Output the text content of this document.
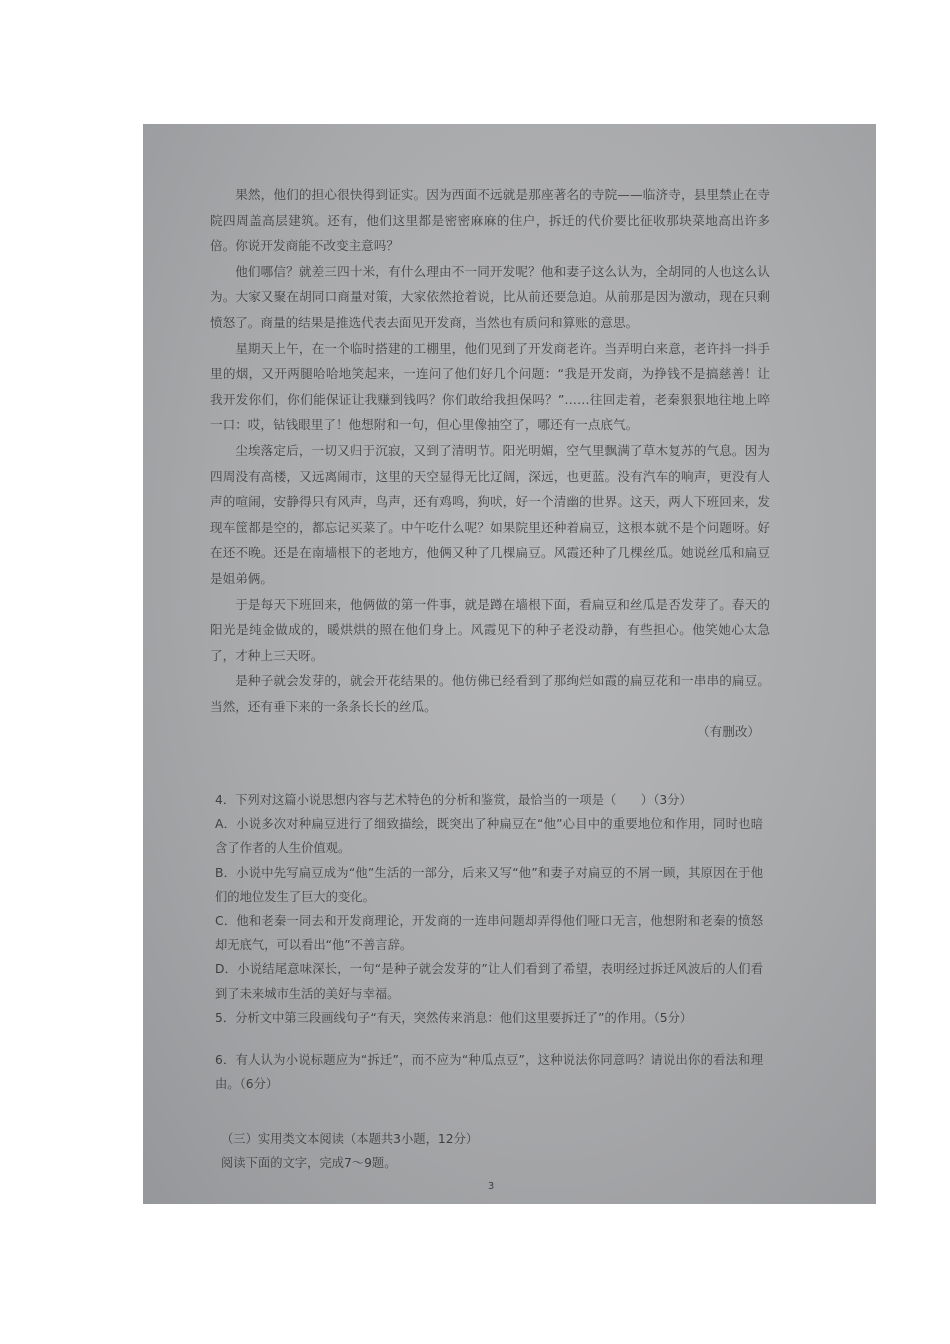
果然，他们的担心很快得到证实。因为西面不远就是那座著名的寺院——临济寺，县里禁止在寺院四周盖高层建筑。还有，他们这里都是密密麻麻的住户，拆迁的代价要比征收那块菜地高出许多倍。你说开发商能不改变主意吗？

他们哪信？就差三四十米，有什么理由不一同开发呢？他和妻子这么认为，全胡同的人也这么认为。大家又聚在胡同口商量对策，大家依然抢着说，比从前还要急迫。从前那是因为激动，现在只剩愤怒了。商量的结果是推选代表去面见开发商，当然也有质问和算账的意思。

星期天上午，在一个临时搭建的工棚里，他们见到了开发商老许。当弄明白来意，老许抖一抖手里的烟，又开两腿哈哈地笑起来，一连问了他们好几个问题：“我是开发商，为挣钱不是搞慈善！让我开发你们，你们能保证让我赚到钱吗？你们敢给我担保吗？”……往回走着，老秦狠狠地往地上啐一口：哎，钻钱眼里了！他想附和一句，但心里像抽空了，哪还有一点底气。

尘埃落定后，一切又归于沉寂，又到了清明节。阳光明媚，空气里飘满了草木复苏的气息。因为四周没有高楼，又远离闹市，这里的天空显得无比辽阔，深远，也更蓝。没有汽车的响声，更没有人声的喧闹，安静得只有风声，鸟声，还有鸡鸣，狗吠，好一个清幽的世界。这天，两人下班回来，发现车筐都是空的，都忘记买菜了。中午吃什么呢？如果院里还种着扁豆，这根本就不是个问题呀。好在还不晚。还是在南墙根下的老地方，他俩又种了几棵扁豆。风霞还种了几棵丝瓜。她说丝瓜和扁豆是姐弟俩。

于是每天下班回来，他俩做的第一件事，就是蹲在墙根下面，看扁豆和丝瓜是否发芽了。春天的阳光是纯金做成的，暖烘烘的照在他们身上。风霞见下的种子老没动静，有些担心。他笑她心太急了，才种上三天呀。

是种子就会发芽的，就会开花结果的。他仿佛已经看到了那绚烂如霞的扁豆花和一串串的扁豆。当然，还有垂下来的一条条长长的丝瓜。

（有删改）

4．下列对这篇小说思想内容与艺术特色的分析和鉴赏，最恰当的一项是（　　）（3分）

A．小说多次对种扁豆进行了细致描绘，既突出了种扁豆在“他”心目中的重要地位和作用，同时也暗含了作者的人生价值观。

B．小说中先写扁豆成为“他”生活的一部分，后来又写“他”和妻子对扁豆的不屑一顾，其原因在于他们的地位发生了巨大的变化。

C．他和老秦一同去和开发商理论，开发商的一连串问题却弄得他们哑口无言，他想附和老秦的愤怒却无底气，可以看出“他”不善言辞。

D．小说结尾意味深长，一句“是种子就会发芽的”让人们看到了希望，表明经过拆迁风波后的人们看到了未来城市生活的美好与幸福。

5．分析文中第三段画线句子“有天，突然传来消息：他们这里要拆迁了”的作用。（5分）

6．有人认为小说标题应为“拆迁”，而不应为“种瓜点豆”，这种说法你同意吗？请说出你的看法和理由。（6分）

（三）实用类文本阅读（本题共3小题，12分）

阅读下面的文字，完成7～9题。

3
